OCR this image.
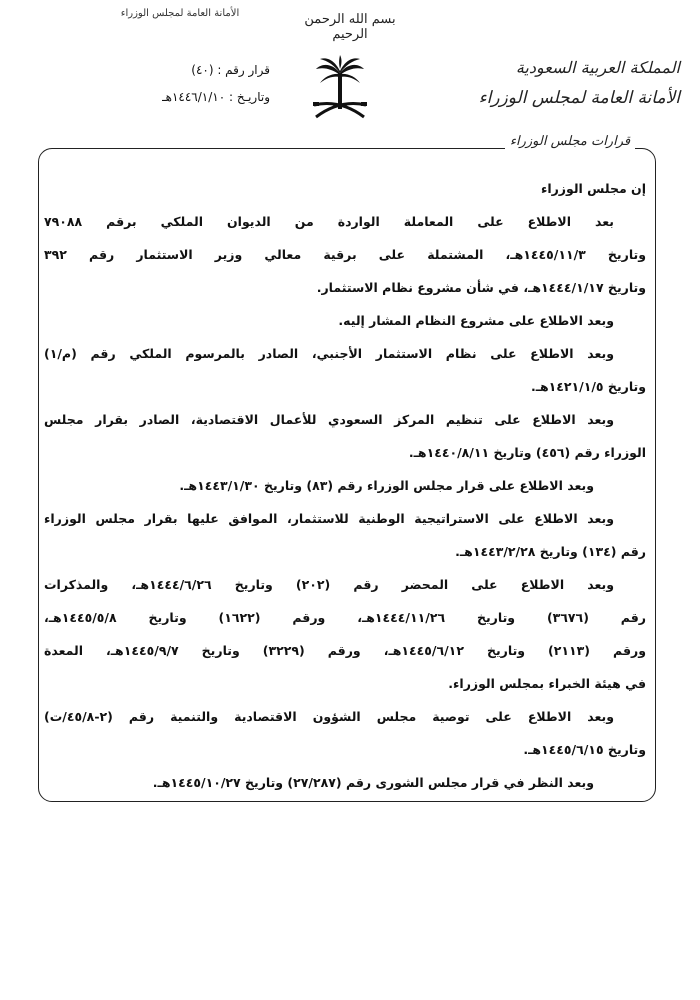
الأمانة العامة لمجلس الوزراء	بسم الله الرحمن الرحيم
قرار رقم : (٤٠)
وتاريـخ : ١٤٤٦/١/١٠هـ
المملكة العربية السعودية
الأمانة العامة لمجلس الوزراء
قرارات مجلس الوزراء
إن مجلس الوزراء
بعد الاطلاع على المعاملة الواردة من الديوان الملكي برقم ٧٩٠٨٨
وتاريخ ١٤٤٥/١١/٣هـ، المشتملة على برقية معالي وزير الاستثمار رقم ٣٩٢
وتاريخ ١٤٤٤/١/١٧هـ، في شأن مشروع نظام الاستثمار.
وبعد الاطلاع على مشروع النظام المشار إليه.
وبعد الاطلاع على نظام الاستثمار الأجنبي، الصادر بالمرسوم الملكي رقم (م/١)
وتاريخ ١٤٢١/١/٥هـ.
وبعد الاطلاع على تنظيم المركز السعودي للأعمال الاقتصادية، الصادر بقرار مجلس
الوزراء رقم (٤٥٦) وتاريخ ١٤٤٠/٨/١١هـ.
وبعد الاطلاع على قرار مجلس الوزراء رقم (٨٣) وتاريخ ١٤٤٣/١/٣٠هـ.
وبعد الاطلاع على الاستراتيجية الوطنية للاستثمار، الموافق عليها بقرار مجلس الوزراء
رقم (١٣٤) وتاريخ ١٤٤٣/٢/٢٨هـ.
وبعد الاطلاع على المحضر رقم (٢٠٢) وتاريخ ١٤٤٤/٦/٢٦هـ، والمذكرات
رقم (٣٦٧٦) وتاريخ ١٤٤٤/١١/٢٦هـ، ورقم (١٦٢٢) وتاريخ ١٤٤٥/٥/٨هـ،
ورقم (٢١١٣) وتاريخ ١٤٤٥/٦/١٢هـ، ورقم (٣٢٢٩) وتاريخ ١٤٤٥/٩/٧هـ، المعدة
في هيئة الخبراء بمجلس الوزراء.
وبعد الاطلاع على توصية مجلس الشؤون الاقتصادية والتنمية رقم (٢-٤٥/٨/ت)
وتاريخ ١٤٤٥/٦/١٥هـ.
وبعد النظر في قرار مجلس الشورى رقم (٢٧/٢٨٧) وتاريخ ١٤٤٥/١٠/٢٧هـ.
